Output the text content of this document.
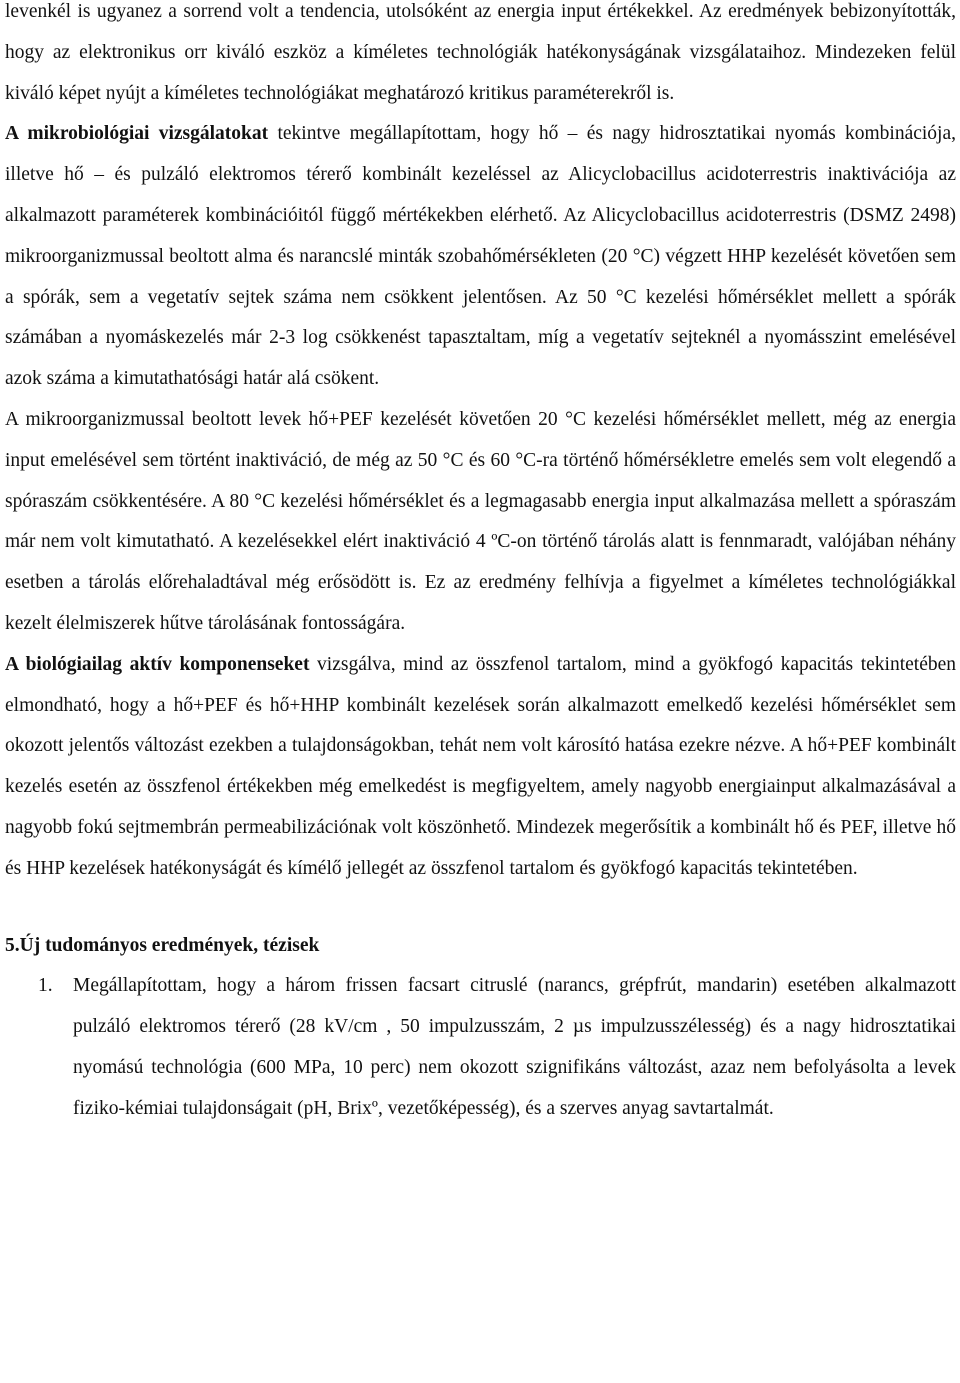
levenkél is ugyanez a sorrend volt a tendencia, utolsóként az energia input értékekkel. Az eredmények bebizonyították, hogy az elektronikus orr kiváló eszköz a kíméletes technológiák hatékonyságának vizsgálataihoz. Mindezeken felül kiváló képet nyújt a kíméletes technológiákat meghatározó kritikus paraméterekről is.

A mikrobiológiai vizsgálatokat tekintve megállapítottam, hogy hő – és nagy hidrosztatikai nyomás kombinációja, illetve hő – és pulzáló elektromos térerő kombinált kezeléssel az Alicyclobacillus acidoterrestris inaktivációja az alkalmazott paraméterek kombinációitól függő mértékekben elérhető. Az Alicyclobacillus acidoterrestris (DSMZ 2498) mikroorganizmussal beoltott alma és narancslé minták szobahőmérsékleten (20 °C) végzett HHP kezelését követően sem a spórák, sem a vegetatív sejtek száma nem csökkent jelentősen. Az 50 °C kezelési hőmérséklet mellett a spórák számában a nyomáskezelés már 2-3 log csökkenést tapasztaltam, míg a vegetatív sejteknél a nyomásszint emelésével azok száma a kimutathatósági határ alá csökent.

A mikroorganizmussal beoltott levek hő+PEF kezelését követően 20 °C kezelési hőmérséklet mellett, még az energia input emelésével sem történt inaktiváció, de még az 50 °C és 60 °C-ra történő hőmérsékletre emelés sem volt elegendő a spóraszám csökkentésére. A 80 °C kezelési hőmérséklet és a legmagasabb energia input alkalmazása mellett a spóraszám már nem volt kimutatható. A kezelésekkel elért inaktiváció 4 ºC-on történő tárolás alatt is fennmaradt, valójában néhány esetben a tárolás előrehaladtával még erősödött is. Ez az eredmény felhívja a figyelmet a kíméletes technológiákkal kezelt élelmiszerek hűtve tárolásának fontosságára.

A biológiailag aktív komponenseket vizsgálva, mind az összfenol tartalom, mind a gyökfogó kapacitás tekintetében elmondható, hogy a hő+PEF és hő+HHP kombinált kezelések során alkalmazott emelkedő kezelési hőmérséklet sem okozott jelentős változást ezekben a tulajdonságokban, tehát nem volt károsító hatása ezekre nézve. A hő+PEF kombinált kezelés esetén az összfenol értékekben még emelkedést is megfigyeltem, amely nagyobb energiainput alkalmazásával a nagyobb fokú sejtmembrán permeabilizációnak volt köszönhető. Mindezek megerősítik a kombinált hő és PEF, illetve hő és HHP kezelések hatékonyságát és kímélő jellegét az összfenol tartalom és gyökfogó kapacitás tekintetében.

5.Új tudományos eredmények, tézisek
1. Megállapítottam, hogy a három frissen facsart citruslé (narancs, grépfrút, mandarin) esetében alkalmazott pulzáló elektromos térerő (28 kV/cm , 50 impulzusszám, 2 µs impulzusszélesség) és a nagy hidrosztatikai nyomású technológia (600 MPa, 10 perc) nem okozott szignifikáns változást, azaz nem befolyásolta a levek fiziko-kémiai tulajdonságait (pH, Brixº, vezetőképesség), és a szerves anyag savtartalmát.
